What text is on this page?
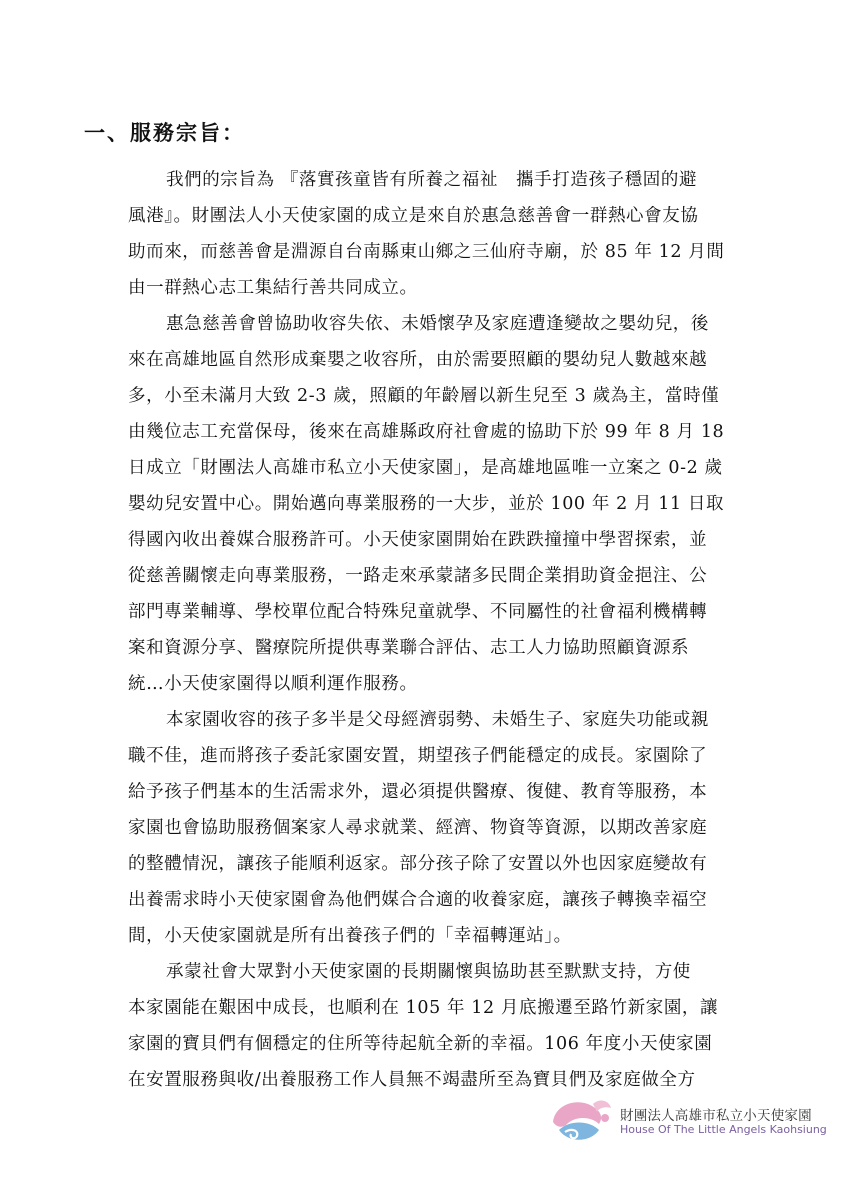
一、服務宗旨：
我們的宗旨為 『落實孩童皆有所養之福祉　攜手打造孩子穩固的避
風港』。財團法人小天使家園的成立是來自於惠急慈善會一群熱心會友協
助而來，而慈善會是淵源自台南縣東山鄉之三仙府寺廟，於 85 年 12 月間
由一群熱心志工集結行善共同成立。
惠急慈善會曾協助收容失依、未婚懷孕及家庭遭逢變故之嬰幼兒，後
來在高雄地區自然形成棄嬰之收容所，由於需要照顧的嬰幼兒人數越來越
多，小至未滿月大致 2-3 歲，照顧的年齡層以新生兒至 3 歲為主，當時僅
由幾位志工充當保母，後來在高雄縣政府社會處的協助下於 99 年 8 月 18
日成立「財團法人高雄市私立小天使家園」，是高雄地區唯一立案之 0-2 歲
嬰幼兒安置中心。開始邁向專業服務的一大步，並於 100 年 2 月 11 日取
得國內收出養媒合服務許可。小天使家園開始在跌跌撞撞中學習探索，並
從慈善關懷走向專業服務，一路走來承蒙諸多民間企業捐助資金挹注、公
部門專業輔導、學校單位配合特殊兒童就學、不同屬性的社會福利機構轉
案和資源分享、醫療院所提供專業聯合評估、志工人力協助照顧資源系
統…小天使家園得以順利運作服務。
本家園收容的孩子多半是父母經濟弱勢、未婚生子、家庭失功能或親
職不佳，進而將孩子委託家園安置，期望孩子們能穩定的成長。家園除了
給予孩子們基本的生活需求外，還必須提供醫療、復健、教育等服務，本
家園也會協助服務個案家人尋求就業、經濟、物資等資源，以期改善家庭
的整體情況，讓孩子能順利返家。部分孩子除了安置以外也因家庭變故有
出養需求時小天使家園會為他們媒合合適的收養家庭，讓孩子轉換幸福空
間，小天使家園就是所有出養孩子們的「幸福轉運站」。
承蒙社會大眾對小天使家園的長期關懷與協助甚至默默支持，方使
本家園能在艱困中成長，也順利在 105 年 12 月底搬遷至路竹新家園，讓
家園的寶貝們有個穩定的住所等待起航全新的幸福。106 年度小天使家園
在安置服務與收/出養服務工作人員無不竭盡所至為寶貝們及家庭做全方
財團法人高雄市私立小天使家園
House Of The Little Angels Kaohsiung
